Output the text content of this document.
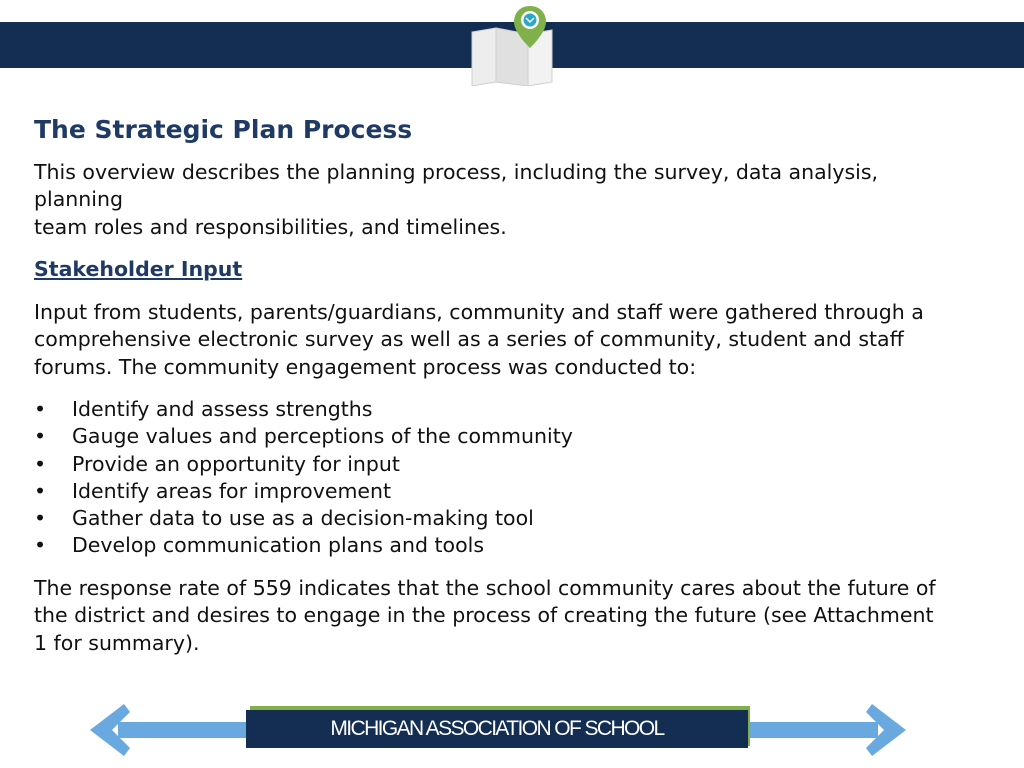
The Strategic Plan Process

This overview describes the planning process, including the survey, data analysis,
planning
team roles and responsibilities, and timelines.

Stakeholder Input

Input from students, parents/guardians, community and staff were gathered through a
comprehensive electronic survey as well as a series of community, student and staff
forums. The community engagement process was conducted to:

• Identify and assess strengths
• Gauge values and perceptions of the community
• Provide an opportunity for input
• Identify areas for improvement
• Gather data to use as a decision-making tool
• Develop communication plans and tools

The response rate of 559 indicates that the school community cares about the future of
the district and desires to engage in the process of creating the future (see Attachment
1 for summary).

MICHIGAN ASSOCIATION OF SCHOOL
